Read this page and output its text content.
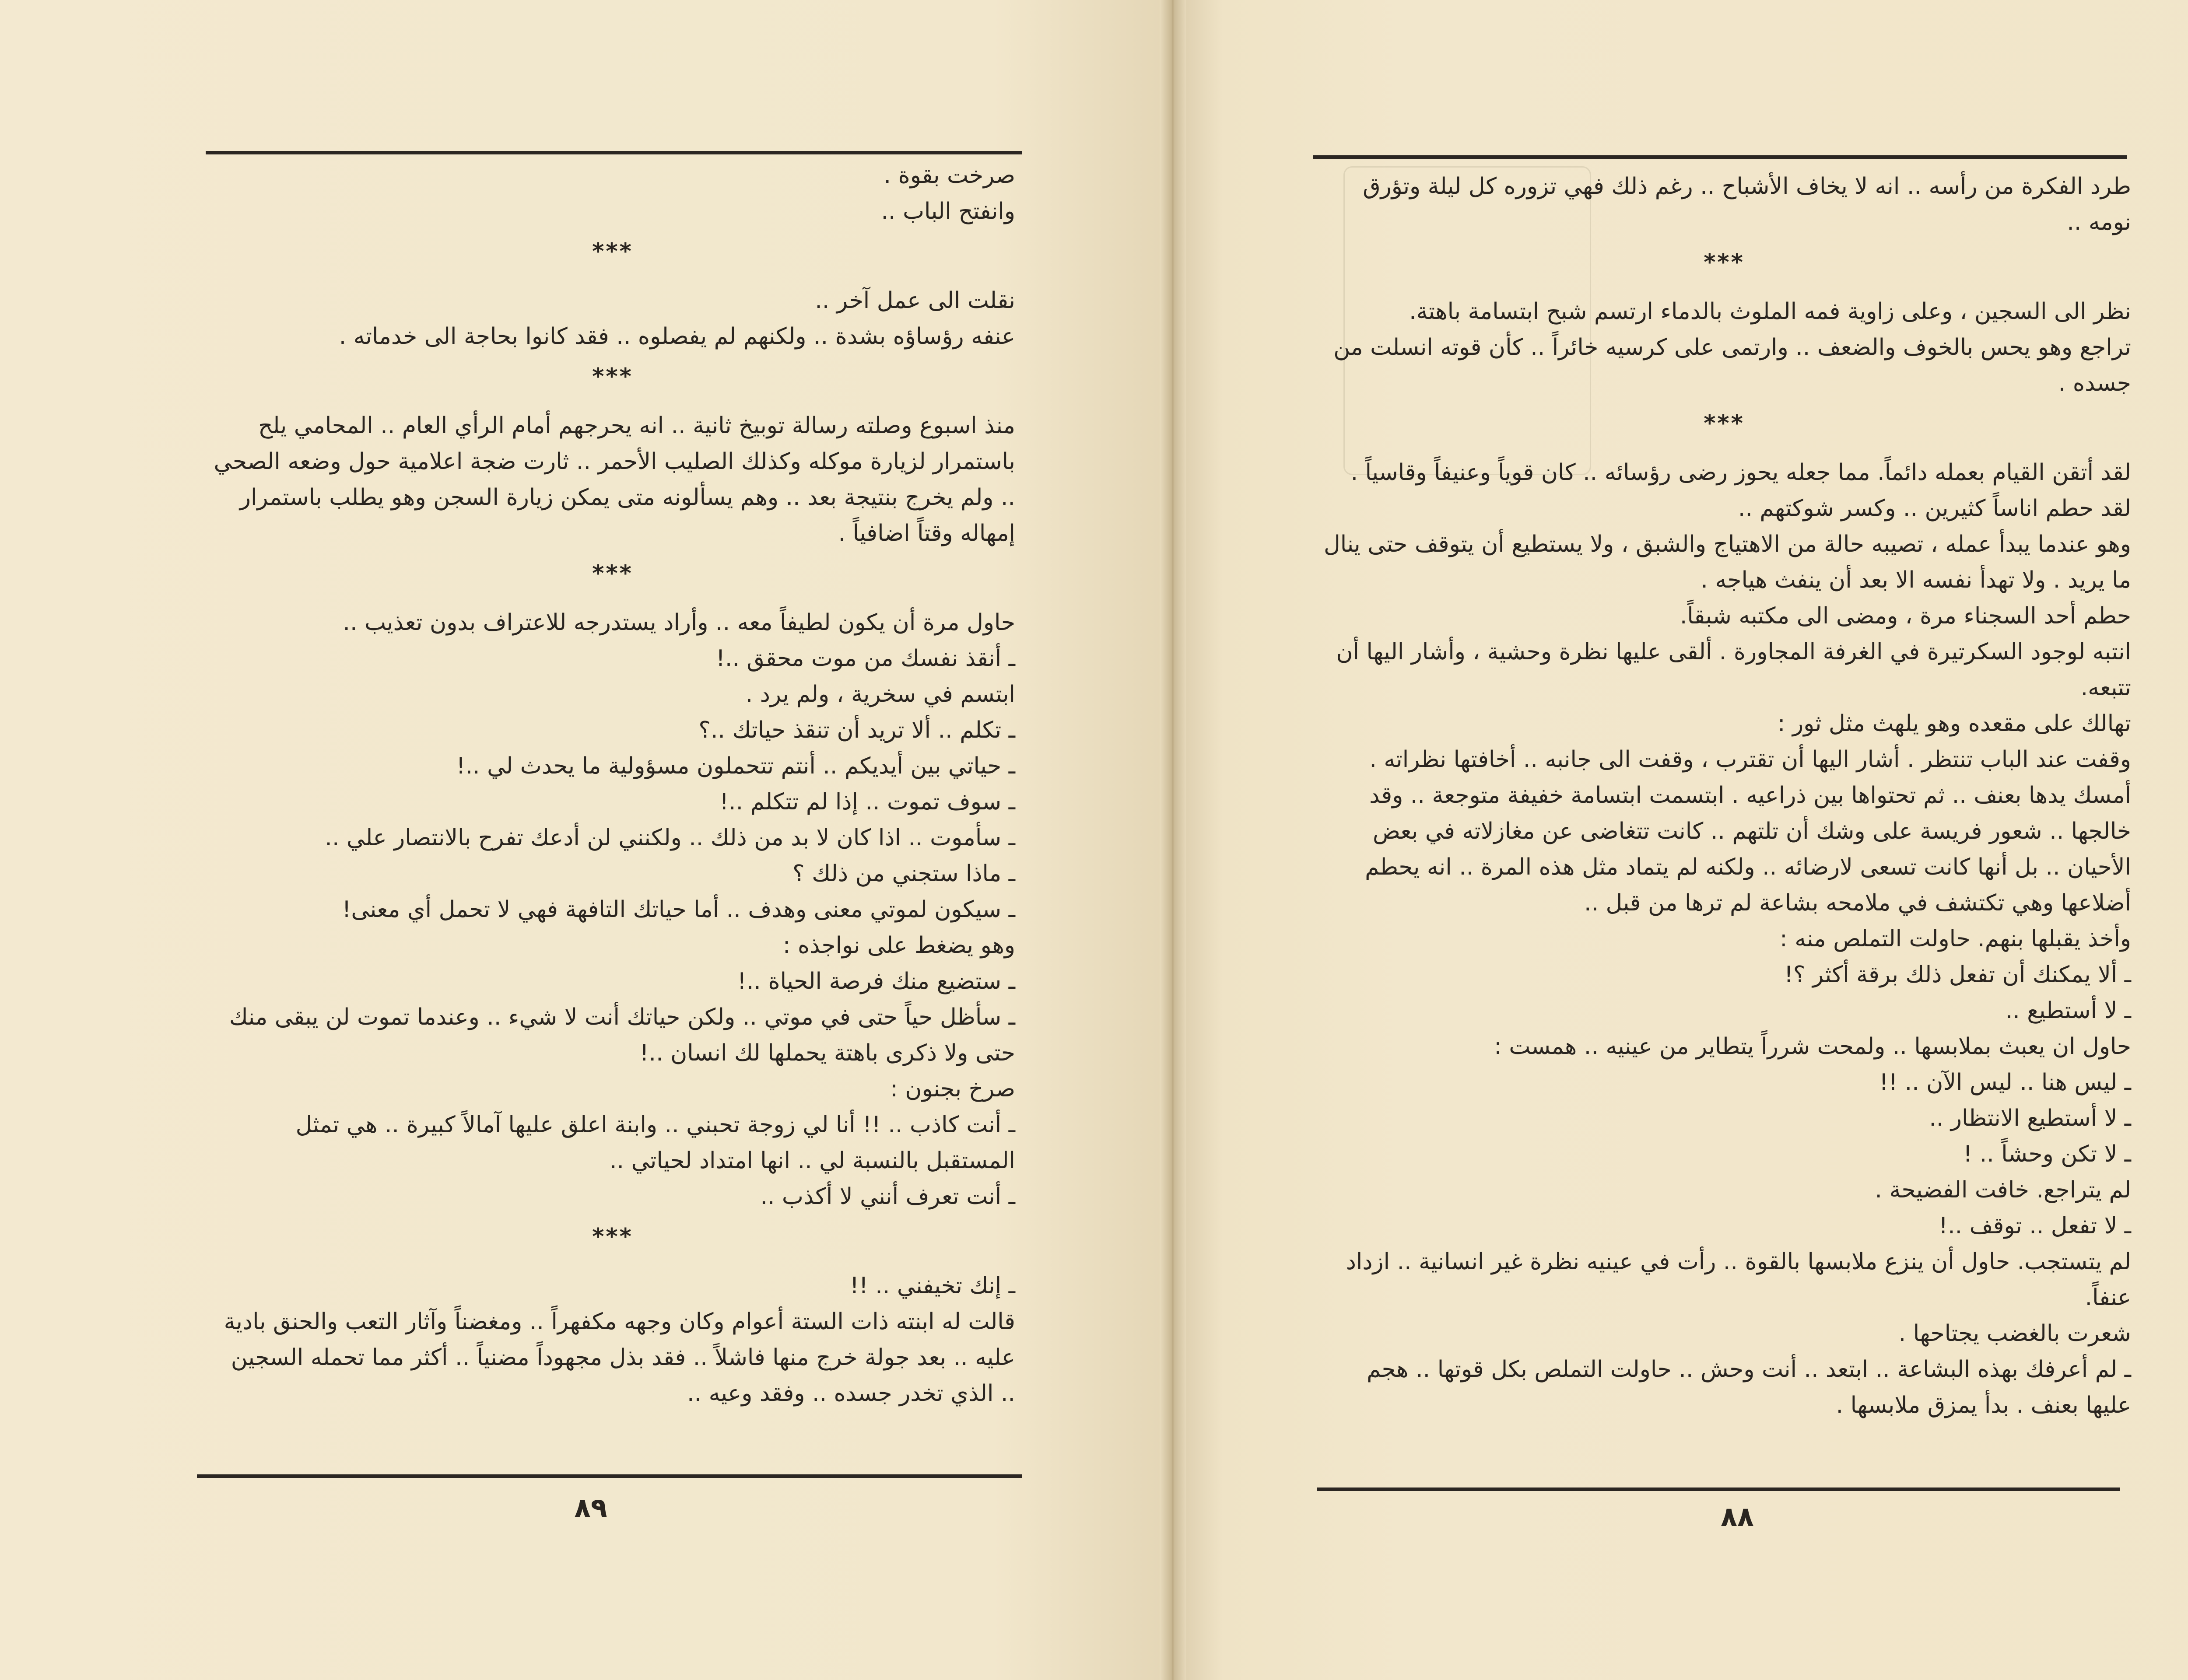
صرخت بقوة .

وانفتح الباب ..

***

نقلت الى عمل آخر ..

عنفه رؤساؤه بشدة .. ولكنهم لم يفصلوه .. فقد كانوا بحاجة الى خدماته .

***

منذ اسبوع وصلته رسالة توبيخ ثانية .. انه يحرجهم أمام الرأي العام .. المحامي يلح باستمرار لزيارة موكله وكذلك الصليب الأحمر .. ثارت ضجة اعلامية حول وضعه الصحي .. ولم يخرج بنتيجة بعد .. وهم يسألونه متى يمكن زيارة السجن وهو يطلب باستمرار إمهاله وقتاً اضافياً .

***

حاول مرة أن يكون لطيفاً معه .. وأراد يستدرجه للاعتراف بدون تعذيب ..

ـ أنقذ نفسك من موت محقق ..!

ابتسم في سخرية ، ولم يرد .

ـ تكلم .. ألا تريد أن تنقذ حياتك ..؟

ـ حياتي بين أيديكم .. أنتم تتحملون مسؤولية ما يحدث لي ..!

ـ سوف تموت .. إذا لم تتكلم ..!

ـ سأموت .. اذا كان لا بد من ذلك .. ولكنني لن أدعك تفرح بالانتصار علي ..

ـ ماذا ستجني من ذلك ؟

ـ سيكون لموتي معنى وهدف .. أما حياتك التافهة فهي لا تحمل أي معنى!

وهو يضغط على نواجذه :

ـ ستضيع منك فرصة الحياة ..!

ـ سأظل حياً حتى في موتي .. ولكن حياتك أنت لا شيء .. وعندما تموت لن يبقى منك حتى ولا ذكرى باهتة يحملها لك انسان ..!

صرخ بجنون :

ـ أنت كاذب .. !! أنا لي زوجة تحبني .. وابنة اعلق عليها آمالاً كبيرة .. هي تمثل المستقبل بالنسبة لي .. انها امتداد لحياتي ..

ـ أنت تعرف أنني لا أكذب ..

***

ـ إنك تخيفني .. !!

قالت له ابنته ذات الستة أعوام وكان وجهه مكفهراً .. ومغضناً وآثار التعب والحنق بادية عليه .. بعد جولة خرج منها فاشلاً .. فقد بذل مجهوداً مضنياً .. أكثر مما تحمله السجين .. الذي تخدر جسده .. وفقد وعيه ..

طرد الفكرة من رأسه .. انه لا يخاف الأشباح .. رغم ذلك فهي تزوره كل ليلة وتؤرق نومه ..

***

نظر الى السجين ، وعلى زاوية فمه الملوث بالدماء ارتسم شبح ابتسامة باهتة.

تراجع وهو يحس بالخوف والضعف .. وارتمى على كرسيه خائراً .. كأن قوته انسلت من جسده .

***

لقد أتقن القيام بعمله دائماً. مما جعله يحوز رضى رؤسائه .. كان قوياً وعنيفاً وقاسياً .

لقد حطم اناساً كثيرين .. وكسر شوكتهم ..

وهو عندما يبدأ عمله ، تصيبه حالة من الاهتياج والشبق ، ولا يستطيع أن يتوقف حتى ينال ما يريد . ولا تهدأ نفسه الا بعد أن ينفث هياجه .

حطم أحد السجناء مرة ، ومضى الى مكتبه شبقاً.

انتبه لوجود السكرتيرة في الغرفة المجاورة . ألقى عليها نظرة وحشية ، وأشار اليها أن تتبعه.

تهالك على مقعده وهو يلهث مثل ثور :

وقفت عند الباب تنتظر . أشار اليها أن تقترب ، وقفت الى جانبه .. أخافتها نظراته . أمسك يدها بعنف .. ثم تحتواها بين ذراعيه . ابتسمت ابتسامة خفيفة متوجعة .. وقد خالجها .. شعور فريسة على وشك أن تلتهم .. كانت تتغاضى عن مغازلاته في بعض الأحيان .. بل أنها كانت تسعى لارضائه .. ولكنه لم يتماد مثل هذه المرة .. انه يحطم أضلاعها وهي تكتشف في ملامحه بشاعة لم ترها من قبل ..

وأخذ يقبلها بنهم. حاولت التملص منه :

ـ ألا يمكنك أن تفعل ذلك برقة أكثر ؟!

ـ لا أستطيع ..

حاول ان يعبث بملابسها .. ولمحت شرراً يتطاير من عينيه .. همست :

ـ ليس هنا .. ليس الآن .. !!

ـ لا أستطيع الانتظار ..

ـ لا تكن وحشاً .. !

لم يتراجع. خافت الفضيحة .

ـ لا تفعل .. توقف ..!

لم يتستجب. حاول أن ينزع ملابسها بالقوة .. رأت في عينيه نظرة غير انسانية .. ازداد عنفاً.

شعرت بالغضب يجتاحها .

ـ لم أعرفك بهذه البشاعة .. ابتعد .. أنت وحش .. حاولت التملص بكل قوتها .. هجم عليها بعنف . بدأ يمزق ملابسها .

٨٩	٨٨
